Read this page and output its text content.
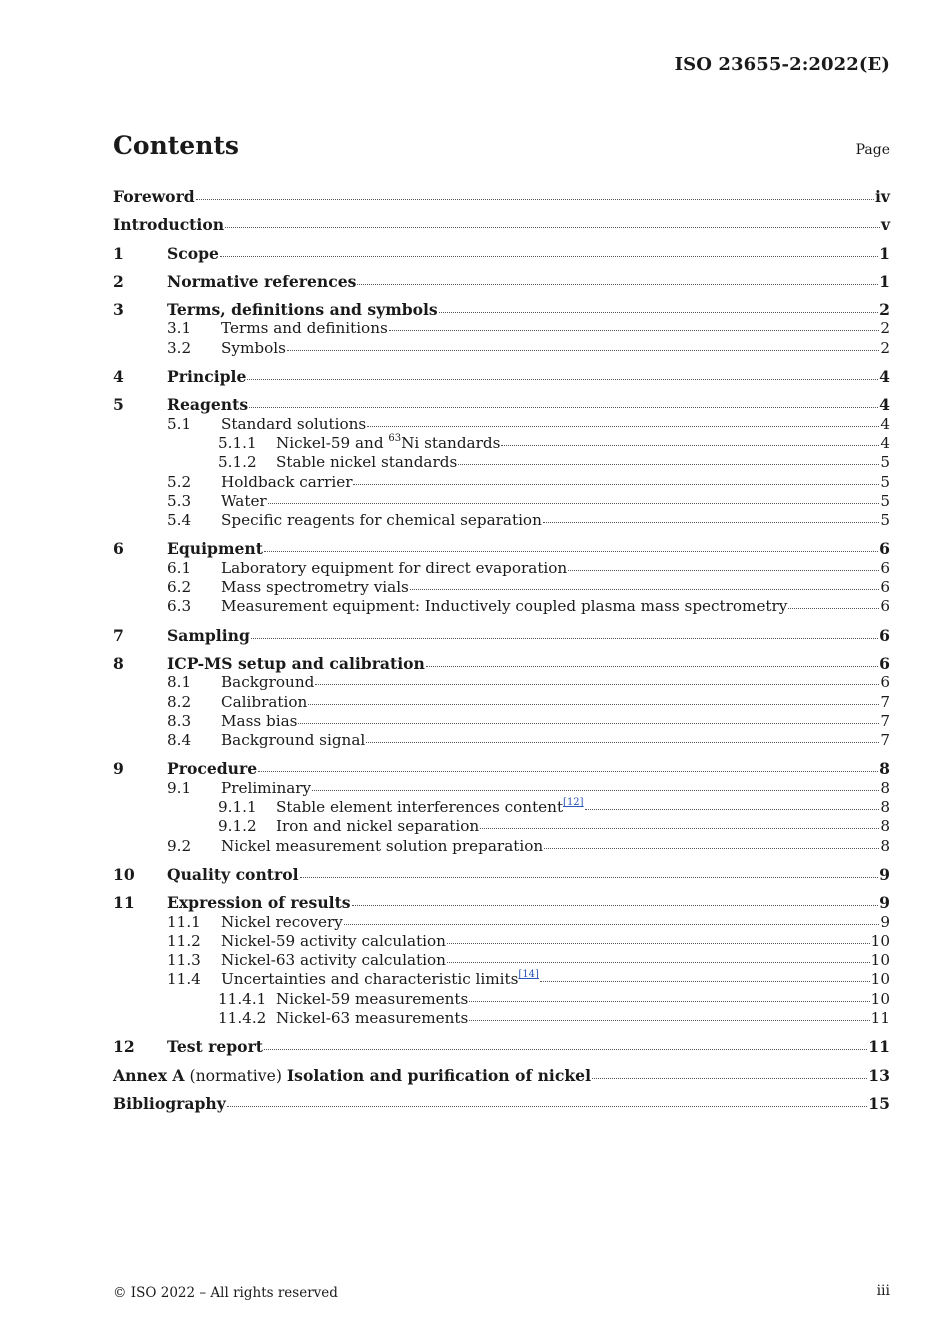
ISO 23655-2:2022(E)
Contents	Page
Foreword	iv
Introduction	v
1	Scope	1
2	Normative references	1
3	Terms, definitions and symbols	2
3.1	Terms and definitions	2
3.2	Symbols	2
4	Principle	4
5	Reagents	4
5.1	Standard solutions	4
5.1.1	Nickel-59 and $^{63}$Ni standards	4
5.1.2	Stable nickel standards	5
5.2	Holdback carrier	5
5.3	Water	5
5.4	Specific reagents for chemical separation	5
6	Equipment	6
6.1	Laboratory equipment for direct evaporation	6
6.2	Mass spectrometry vials	6
6.3	Measurement equipment: Inductively coupled plasma mass spectrometry	6
7	Sampling	6
8	ICP-MS setup and calibration	6
8.1	Background	6
8.2	Calibration	7
8.3	Mass bias	7
8.4	Background signal	7
9	Procedure	8
9.1	Preliminary	8
9.1.1	Stable element interferences content[12]	8
9.1.2	Iron and nickel separation	8
9.2	Nickel measurement solution preparation	8
10	Quality control	9
11	Expression of results	9
11.1	Nickel recovery	9
11.2	Nickel-59 activity calculation	10
11.3	Nickel-63 activity calculation	10
11.4	Uncertainties and characteristic limits[14]	10
11.4.1 Nickel-59 measurements	10
11.4.2 Nickel-63 measurements	11
12	Test report	11
Annex A (normative) Isolation and purification of nickel	13
Bibliography	15
© ISO 2022 – All rights reserved	iii
